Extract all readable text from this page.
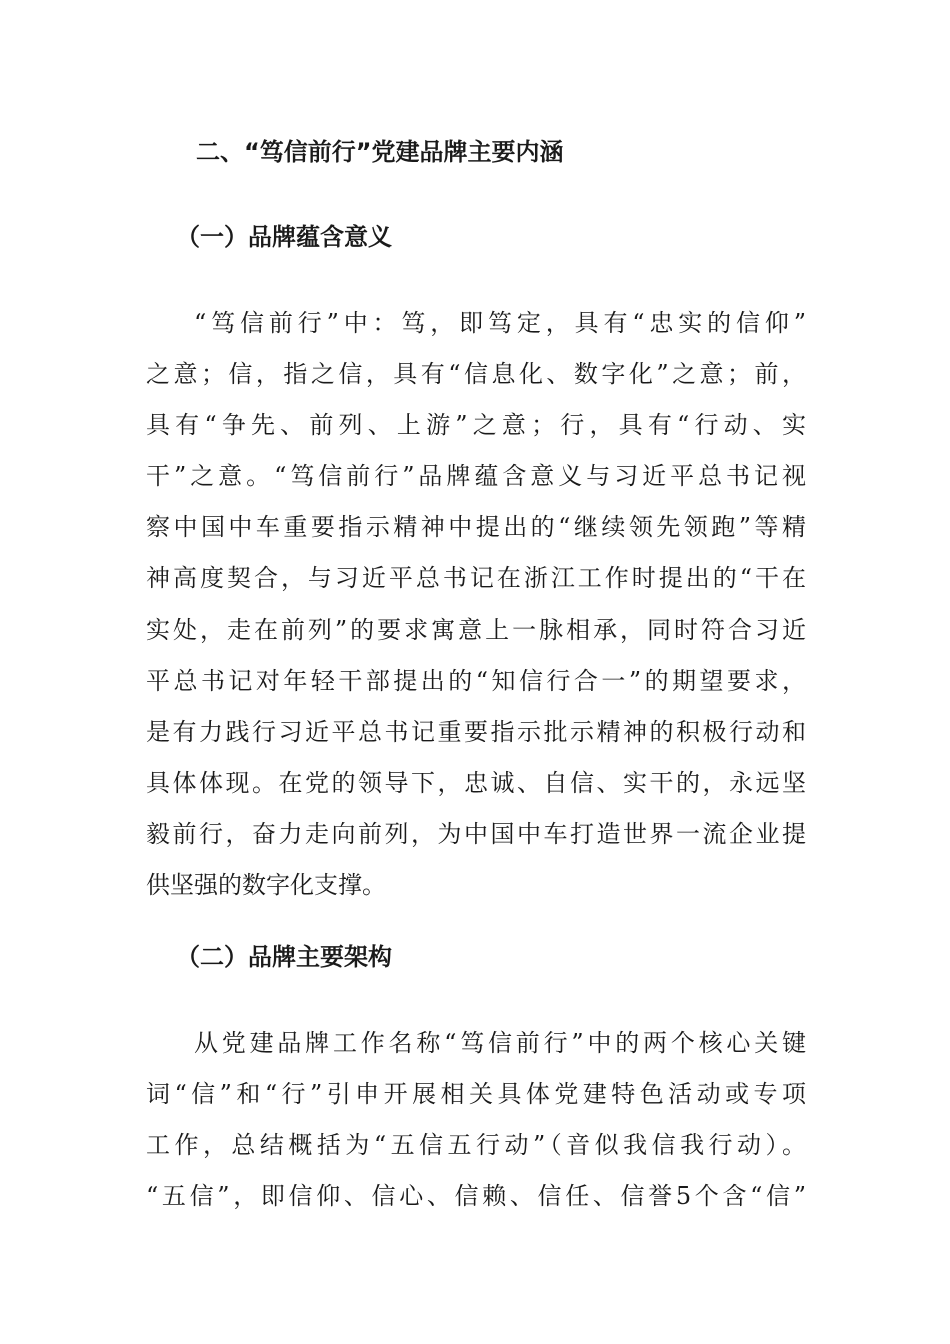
二、“笃信前行”党建品牌主要内涵
（一）品牌蕴含意义
“笃信前行”中：笃，即笃定，具有“忠实的信仰”
之意；信，指之信，具有“信息化、数字化”之意；前，
具有“争先、前列、上游”之意；行，具有“行动、实
干”之意。“笃信前行”品牌蕴含意义与习近平总书记视
察中国中车重要指示精神中提出的“继续领先领跑”等精
神高度契合，与习近平总书记在浙江工作时提出的“干在
实处，走在前列”的要求寓意上一脉相承，同时符合习近
平总书记对年轻干部提出的“知信行合一”的期望要求，
是有力践行习近平总书记重要指示批示精神的积极行动和
具体体现。在党的领导下，忠诚、自信、实干的，永远坚
毅前行，奋力走向前列，为中国中车打造世界一流企业提
供坚强的数字化支撑。
（二）品牌主要架构
从党建品牌工作名称“笃信前行”中的两个核心关键
词“信”和“行”引申开展相关具体党建特色活动或专项
工作，总结概括为“五信五行动”（音似我信我行动）。
“五信”，即信仰、信心、信赖、信任、信誉5个含“信”
